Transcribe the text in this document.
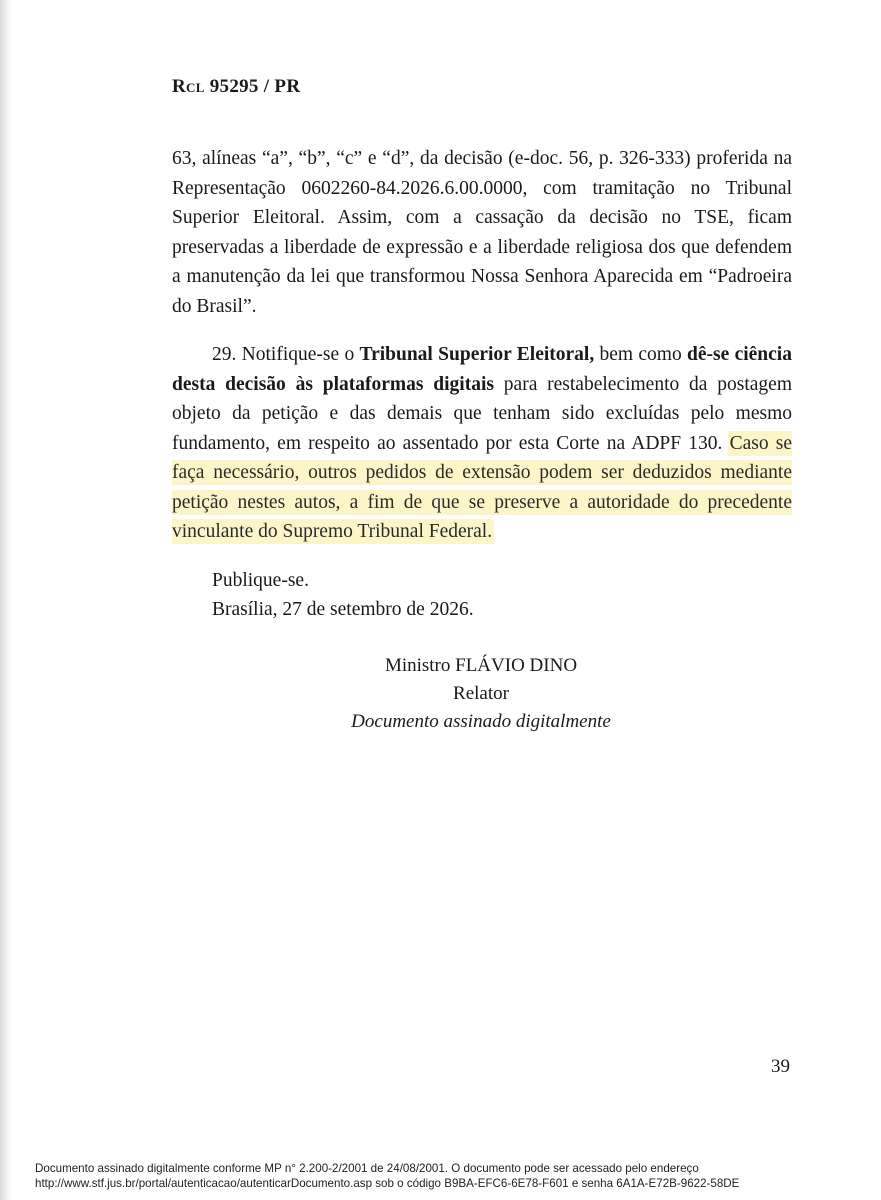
Rcl 95295 / PR

63, alíneas “a”, “b”, “c” e “d”, da decisão (e-doc. 56, p. 326-333) proferida na Representação 0602260-84.2026.6.00.0000, com tramitação no Tribunal Superior Eleitoral. Assim, com a cassação da decisão no TSE, ficam preservadas a liberdade de expressão e a liberdade religiosa dos que defendem a manutenção da lei que transformou Nossa Senhora Aparecida em “Padroeira do Brasil”.

29. Notifique-se o Tribunal Superior Eleitoral, bem como dê-se ciência desta decisão às plataformas digitais para restabelecimento da postagem objeto da petição e das demais que tenham sido excluídas pelo mesmo fundamento, em respeito ao assentado por esta Corte na ADPF 130. Caso se faça necessário, outros pedidos de extensão podem ser deduzidos mediante petição nestes autos, a fim de que se preserve a autoridade do precedente vinculante do Supremo Tribunal Federal.

Publique-se.
Brasília, 27 de setembro de 2026.
Ministro FLÁVIO DINO
Relator
Documento assinado digitalmente
39
Documento assinado digitalmente conforme MP n° 2.200-2/2001 de 24/08/2001. O documento pode ser acessado pelo endereço
http://www.stf.jus.br/portal/autenticacao/autenticarDocumento.asp sob o código B9BA-EFC6-6E78-F601 e senha 6A1A-E72B-9622-58DE
